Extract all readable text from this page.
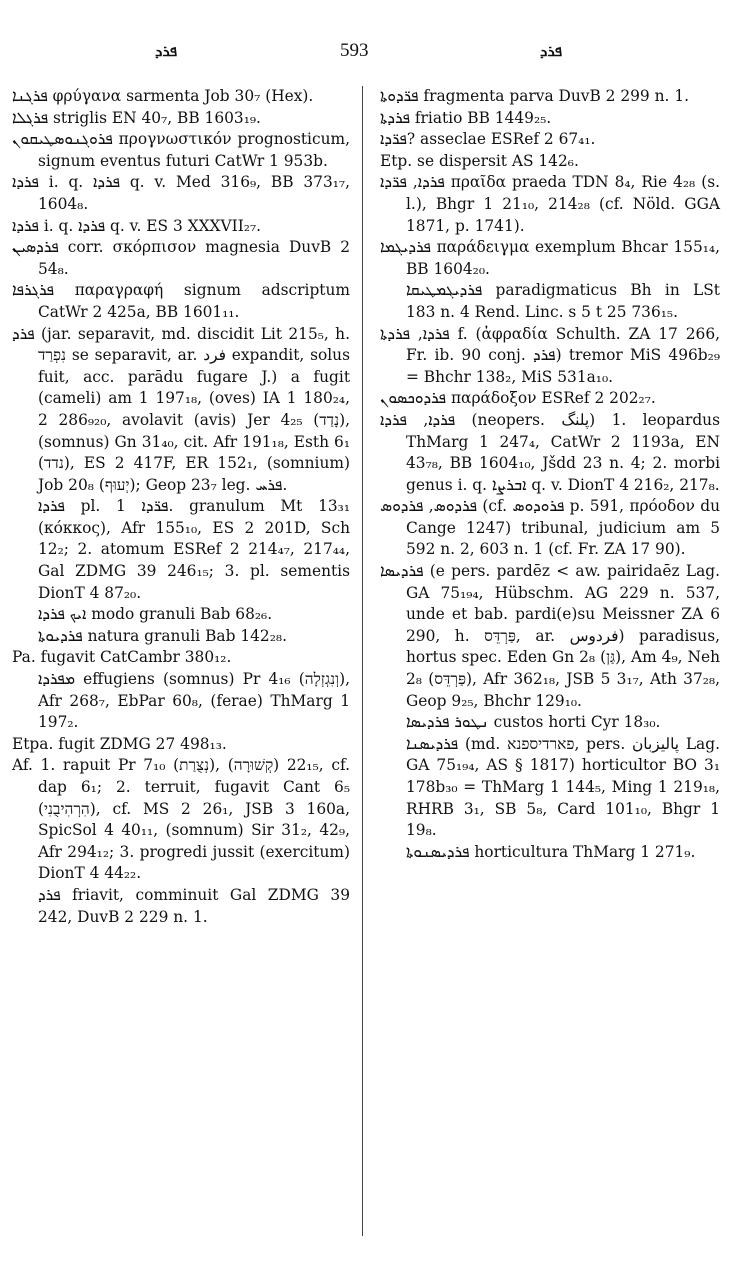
ܦܪܕ	593	ܦܪܕ
ܦܪܓܢܐ φρύγανα sarmenta Job 30₇ (Hex).
ܦܪܓܠܐ striglis EN 40₇, BB 1603₁₉.
ܦܪܘܓܢܘܣܛܝܩܘܢ προγνωστικόν prognosticum, signum eventus futuri CatWr 1 953b.
ܦܪܕܐ i. q. ܦܪܕܐ q. v. Med 316₉, BB 373₁₇, 1604₈.
ܦܪܕܐ i. q. ܦܪܕܐ q. v. ES 3 XXXVII₂₇.
ܦܪܕܣܝܢ corr. σκόρπισον magnesia DuvB 2 54₈.
ܦܪܓܪܦܐ παραγραφή signum adscriptum CatWr 2 425a, BB 1601₁₁.
ܦܪܕ (jar. separavit, md. discidit Lit 215₅, h. נִפְרַד se separavit, ar. فرد expandit, solus fuit, acc. parādu fugare J.) a fugit (cameli) am 1 197₁₈, (oves) IA 1 180₂₄, 2 286₉₂₀, avolavit (avis) Jer 4₂₅ (נָדַד), (somnus) Gn 31₄₀, cit. Afr 191₁₈, Esth 6₁ (נדד), ES 2 417F, ER 152₁, (somnium) Job 20₈ (יְעוּף); Geop 23₇ leg. ܦܪܚ.
ܦܪܕܐ pl. ܦܪ̈ܕܐ 1. granulum Mt 13₃₁ (κόκκος), Afr 155₁₀, ES 2 201D, Sch 12₂; 2. atomum ESRef 2 214₄₇, 217₄₄, Gal ZDMG 39 246₁₅; 3. pl. sementis DionT 4 87₂₀.
ܐܝܟ ܦܪܕܐ modo granuli Bab 68₂₆.
ܦܪܕܝܘܬܐ natura granuli Bab 142₂₈.
Pa. fugavit CatCambr 380₁₂.
ܡܦܪܕܐ effugiens (somnus) Pr 4₁₆ (וְנִגְזְלָה), Afr 268₇, EbPar 60₈, (ferae) ThMarg 1 197₂.
Etpa. fugit ZDMG 27 498₁₃.
Af. 1. rapuit Pr 7₁₀ (נְצֻרַת), 22₁₅ (קְשׁוּרָה), cf. dap 6₁; 2. terruit, fugavit Cant 6₅ (הִרְהִיבֻנִי), cf. MS 2 26₁, JSB 3 160a, SpicSol 4 40₁₁, (somnum) Sir 31₂, 42₉, Afr 294₁₂; 3. progredi jussit (exercitum) DionT 4 44₂₂.
ܦܪܕ friavit, comminuit Gal ZDMG 39 242, DuvB 2 229 n. 1.
ܦܪ̈ܕܘܬܐ fragmenta parva DuvB 2 299 n. 1.
ܦܪܕܬܐ friatio BB 1449₂₅.
ܦܪ̈ܕܐ? asseclae ESRef 2 67₄₁.
Etp. se dispersit AS 142₆.
ܦܪܕܐ, ܦܪ̈ܕܐ πραῖδα praeda TDN 8₄, Rie 4₂₈ (s. l.), Bhgr 1 21₁₀, 214₂₈ (cf. Nöld. GGA 1871, p. 1741).
ܦܪܕܝܓܡܐ παράδειγμα exemplum Bhcar 155₁₄, BB 1604₂₀.
ܦܪܕܝܓܡܛܝܩܐ paradigmaticus Bh in LSt 183 n. 4 Rend. Linc. s 5 t 25 736₁₅.
ܦܪܕܐ, ܦܪܕܬܐ f. (ἀφραδία Schulth. ZA 17 266, Fr. ib. 90 conj. ܦܪܕ) tremor MiS 496b₂₉ = Bhchr 138₂, MiS 531a₁₀.
ܦܪܕܘܟܣܘܢ παράδοξον ESRef 2 202₂₇.
ܦܪܕܐ, ܦܪܕܐ (neopers. پلنگ) 1. leopardus ThMarg 1 247₄, CatWr 2 1193a, EN 43₇₈, BB 1604₁₀, Jšdd 23 n. 4; 2. morbi genus i. q. ܐܒܪܨܐ q. v. DionT 4 216₂, 217₈.
ܦܪܕܘܣ, ܦܪܕܘܣ (cf. ܦܪܘܕܘܣ p. 591, πρόοδον du Cange 1247) tribunal, judicium am 5 592 n. 2, 603 n. 1 (cf. Fr. ZA 17 90).
ܦܪܕܝܣܐ (e pers. pardēz < aw. pairidaēz Lag. GA 75₁₉₄, Hübschm. AG 229 n. 537, unde et bab. pardi(e)su Meissner ZA 6 290, h. פַּרְדֵּס, ar. فردوس) paradisus, hortus spec. Eden Gn 2₈ (גַּן), Am 4₉, Neh 2₈ (פַּרְדֵּס), Afr 362₁₈, JSB 5 3₁₇, Ath 37₂₈, Geop 9₂₅, Bhchr 129₁₀.
ܢܛܘܪ ܦܪܕܝܣܐ custos horti Cyr 18₃₀.
ܦܪܕܝܣܢܐ (md. פארדיספנא, pers. پالیزبان Lag. GA 75₁₉₄, AS § 1817) horticultor BO 3₁ 178b₃₀ = ThMarg 1 144₅, Ming 1 219₁₈, RHRB 3₁, SB 5₈, Card 101₁₀, Bhgr 1 19₈.
ܦܪܕܝܣܢܘܬܐ horticultura ThMarg 1 271₉.
